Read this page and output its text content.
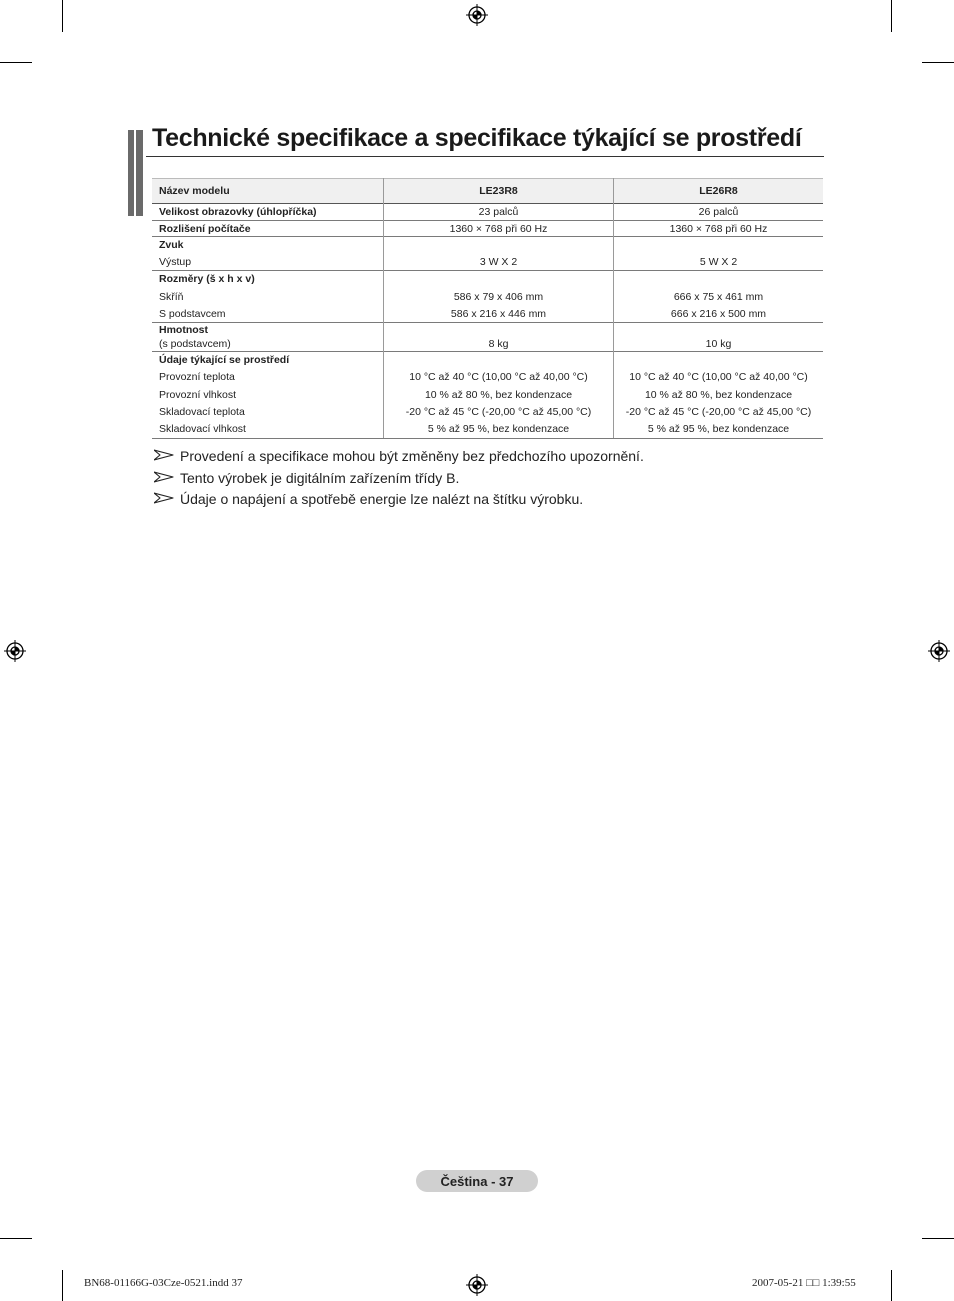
Technické specifikace a specifikace týkající se prostředí
Název modelu	LE23R8	LE26R8
Velikost obrazovky (úhlopříčka)	23 palců	26 palců
Rozlišení počítače	1360 × 768 při 60 Hz	1360 × 768 při 60 Hz
Zvuk		
Výstup	3 W X 2	5 W X 2
Rozměry (š x h x v)		
Skříň	586 x 79 x 406 mm	666 x 75 x 461 mm
S podstavcem	586 x 216 x 446 mm	666 x 216 x 500 mm
Hmotnost		
(s podstavcem)	8 kg	10 kg
Údaje týkající se prostředí		
Provozní teplota	10 °C až 40 °C (10,00 °C až 40,00 °C)	10 °C až 40 °C (10,00 °C až 40,00 °C)
Provozní vlhkost	10 % až 80 %, bez kondenzace	10 % až 80 %, bez kondenzace
Skladovací teplota	-20 °C až 45 °C (-20,00 °C až 45,00 °C)	-20 °C až 45 °C (-20,00 °C až 45,00 °C)
Skladovací vlhkost	5 % až 95 %, bez kondenzace	5 % až 95 %, bez kondenzace
Provedení a specifikace mohou být změněny bez předchozího upozornění.
Tento výrobek je digitálním zařízením třídy B.
Údaje o napájení a spotřebě energie lze nalézt na štítku výrobku.
Čeština - 37
BN68-01166G-03Cze-0521.indd 37	2007-05-21 □□ 1:39:55
